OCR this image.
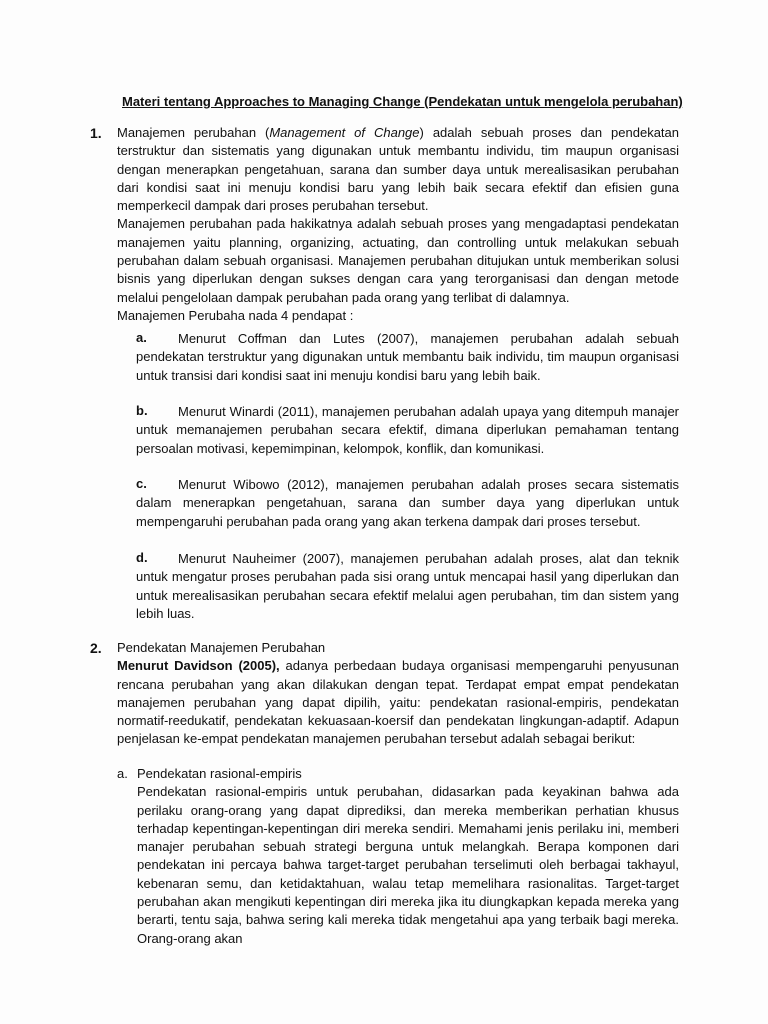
Materi tentang Approaches to Managing Change (Pendekatan untuk mengelola perubahan)
1. Manajemen perubahan (Management of Change) adalah sebuah proses dan pendekatan terstruktur dan sistematis yang digunakan untuk membantu individu, tim maupun organisasi dengan menerapkan pengetahuan, sarana dan sumber daya untuk merealisasikan perubahan dari kondisi saat ini menuju kondisi baru yang lebih baik secara efektif dan efisien guna memperkecil dampak dari proses perubahan tersebut.

Manajemen perubahan pada hakikatnya adalah sebuah proses yang mengadaptasi pendekatan manajemen yaitu planning, organizing, actuating, dan controlling untuk melakukan sebuah perubahan dalam sebuah organisasi. Manajemen perubahan ditujukan untuk memberikan solusi bisnis yang diperlukan dengan sukses dengan cara yang terorganisasi dan dengan metode melalui pengelolaan dampak perubahan pada orang yang terlibat di dalamnya.

Manajemen Perubaha nada 4 pendapat :

a.	Menurut Coffman dan Lutes (2007), manajemen perubahan adalah sebuah pendekatan terstruktur yang digunakan untuk membantu baik individu, tim maupun organisasi untuk transisi dari kondisi saat ini menuju kondisi baru yang lebih baik.
b.	Menurut Winardi (2011), manajemen perubahan adalah upaya yang ditempuh manajer untuk memanajemen perubahan secara efektif, dimana diperlukan pemahaman tentang persoalan motivasi, kepemimpinan, kelompok, konflik, dan komunikasi.
c.	Menurut Wibowo (2012), manajemen perubahan adalah proses secara sistematis dalam menerapkan pengetahuan, sarana dan sumber daya yang diperlukan untuk mempengaruhi perubahan pada orang yang akan terkena dampak dari proses tersebut.
d.	Menurut Nauheimer (2007), manajemen perubahan adalah proses, alat dan teknik untuk mengatur proses perubahan pada sisi orang untuk mencapai hasil yang diperlukan dan untuk merealisasikan perubahan secara efektif melalui agen perubahan, tim dan sistem yang lebih luas.
2. Pendekatan Manajemen Perubahan

Menurut Davidson (2005), adanya perbedaan budaya organisasi mempengaruhi penyusunan rencana perubahan yang akan dilakukan dengan tepat. Terdapat empat empat pendekatan manajemen perubahan yang dapat dipilih, yaitu: pendekatan rasional-empiris, pendekatan normatif-reedukatif, pendekatan kekuasaan-koersif dan pendekatan lingkungan-adaptif. Adapun penjelasan ke-empat pendekatan manajemen perubahan tersebut adalah sebagai berikut:

a. Pendekatan rasional-empiris

Pendekatan rasional-empiris untuk perubahan, didasarkan pada keyakinan bahwa ada perilaku orang-orang yang dapat diprediksi, dan mereka memberikan perhatian khusus terhadap kepentingan-kepentingan diri mereka sendiri. Memahami jenis perilaku ini, memberi manajer perubahan sebuah strategi berguna untuk melangkah. Berapa komponen dari pendekatan ini percaya bahwa target-target perubahan terselimuti oleh berbagai takhayul, kebenaran semu, dan ketidaktahuan, walau tetap memelihara rasionalitas. Target-target perubahan akan mengikuti kepentingan diri mereka jika itu diungkapkan kepada mereka yang berarti, tentu saja, bahwa sering kali mereka tidak mengetahui apa yang terbaik bagi mereka. Orang-orang akan
